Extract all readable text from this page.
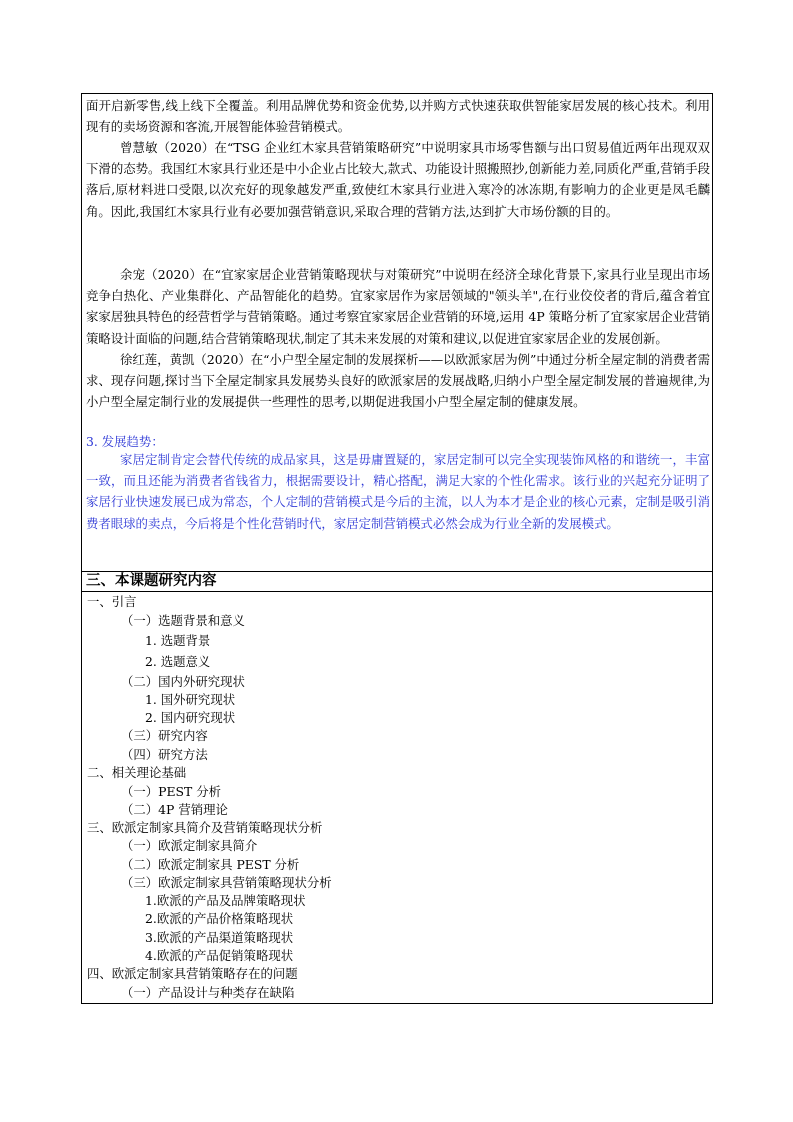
面开启新零售,线上线下全覆盖。利用品牌优势和资金优势,以并购方式快速获取供智能家居发展的核心技术。利用现有的卖场资源和客流,开展智能体验营销模式。

曾慧敏（2020）在“TSG 企业红木家具营销策略研究”中说明家具市场零售额与出口贸易值近两年出现双双下滑的态势。我国红木家具行业还是中小企业占比较大,款式、功能设计照搬照抄,创新能力差,同质化严重,营销手段落后,原材料进口受限,以次充好的现象越发严重,致使红木家具行业进入寒冷的冰冻期,有影响力的企业更是凤毛麟角。因此,我国红木家具行业有必要加强营销意识,采取合理的营销方法,达到扩大市场份额的目的。

余宠（2020）在“宜家家居企业营销策略现状与对策研究”中说明在经济全球化背景下,家具行业呈现出市场竞争白热化、产业集群化、产品智能化的趋势。宜家家居作为家居领域的"领头羊",在行业佼佼者的背后,蕴含着宜家家居独具特色的经营哲学与营销策略。通过考察宜家家居企业营销的环境,运用 4P 策略分析了宜家家居企业营销策略设计面临的问题,结合营销策略现状,制定了其未来发展的对策和建议,以促进宜家家居企业的发展创新。

徐红莲，黄凯（2020）在“小户型全屋定制的发展探析——以欧派家居为例”中通过分析全屋定制的消费者需求、现存问题,探讨当下全屋定制家具发展势头良好的欧派家居的发展战略,归纳小户型全屋定制发展的普遍规律,为小户型全屋定制行业的发展提供一些理性的思考,以期促进我国小户型全屋定制的健康发展。

3. 发展趋势：

家居定制肯定会替代传统的成品家具，这是毋庸置疑的，家居定制可以完全实现装饰风格的和谐统一，丰富一致，而且还能为消费者省钱省力，根据需要设计，精心搭配，满足大家的个性化需求。该行业的兴起充分证明了家居行业快速发展已成为常态，个人定制的营销模式是今后的主流，以人为本才是企业的核心元素，定制是吸引消费者眼球的卖点，今后将是个性化营销时代，家居定制营销模式必然会成为行业全新的发展模式。

三、本课题研究内容

一、引言

（一）选题背景和意义

1. 选题背景

2. 选题意义

（二）国内外研究现状

1. 国外研究现状

2. 国内研究现状

（三）研究内容

（四）研究方法

二、相关理论基础

（一）PEST 分析

（二）4P 营销理论

三、欧派定制家具简介及营销策略现状分析

（一）欧派定制家具简介

（二）欧派定制家具 PEST 分析

（三）欧派定制家具营销策略现状分析

1.欧派的产品及品牌策略现状

2.欧派的产品价格策略现状

3.欧派的产品渠道策略现状

4.欧派的产品促销策略现状

四、欧派定制家具营销策略存在的问题

（一）产品设计与种类存在缺陷
